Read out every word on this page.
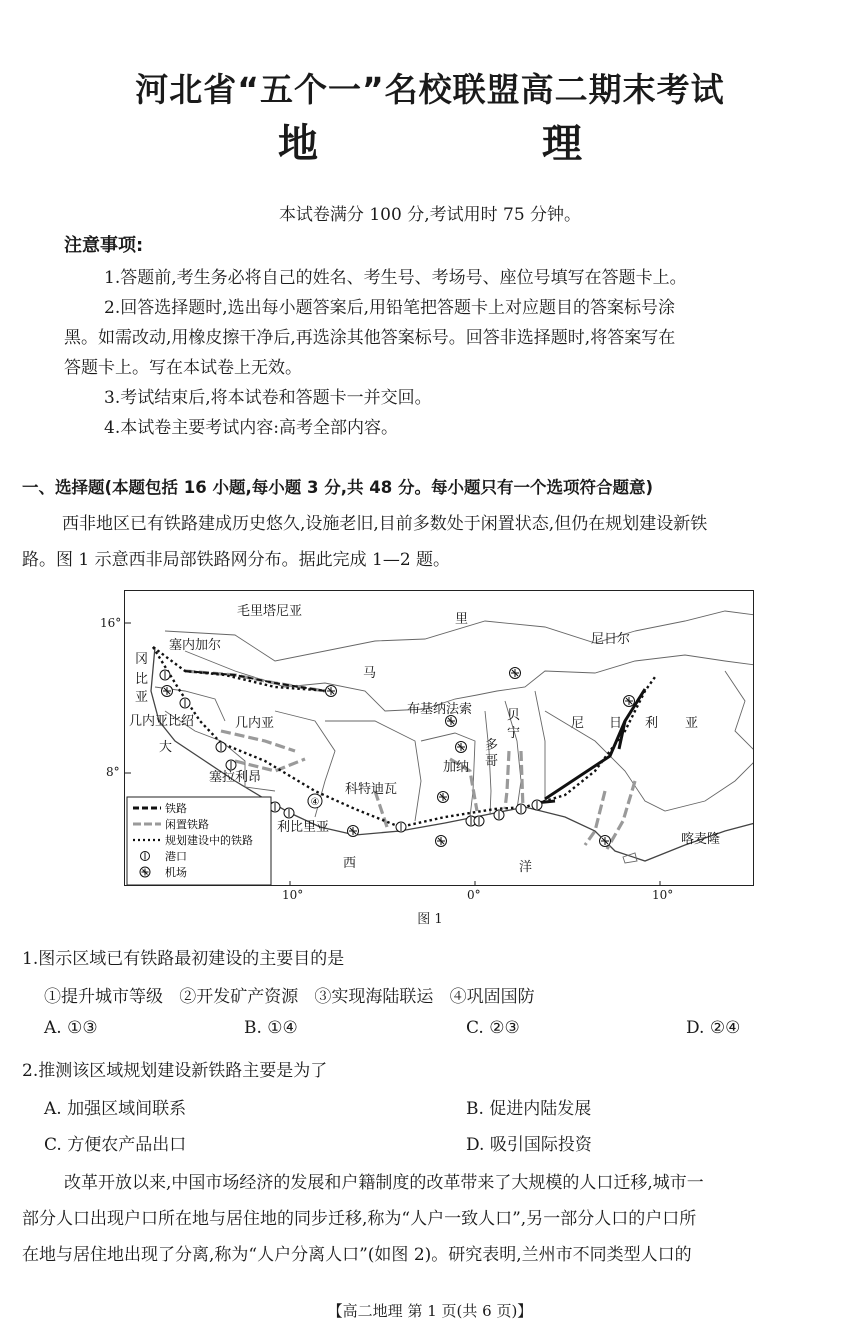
河北省“五个一”名校联盟高二期末考试
地 理
本试卷满分 100 分,考试用时 75 分钟。
注意事项:
1.答题前,考生务必将自己的姓名、考生号、考场号、座位号填写在答题卡上。
2.回答选择题时,选出每小题答案后,用铅笔把答题卡上对应题目的答案标号涂
黑。如需改动,用橡皮擦干净后,再选涂其他答案标号。回答非选择题时,将答案写在
答题卡上。写在本试卷上无效。
3.考试结束后,将本试卷和答题卡一并交回。
4.本试卷主要考试内容:高考全部内容。
一、选择题(本题包括 16 小题,每小题 3 分,共 48 分。每小题只有一个选项符合题意)
西非地区已有铁路建成历史悠久,设施老旧,目前多数处于闲置状态,但仍在规划建设新铁
路。图 1 示意西非局部铁路网分布。据此完成 1—2 题。
16°
8°
10°	0°	10°
④
毛里塔尼亚
里
尼日尔
塞内加尔
冈
比
亚
马
几内亚比绍	几内亚
布基纳法索
尼 日 利 亚
大
贝
宁
多
哥
加纳
塞拉利昂
科特迪瓦
利比里亚
喀麦隆
西	洋
铁路
闲置铁路
规划建设中的铁路
港口
机场
图 1
1.图示区域已有铁路最初建设的主要目的是
①提升城市等级   ②开发矿产资源   ③实现海陆联运   ④巩固国防
A. ①③	B. ①④	C. ②③	D. ②④
2.推测该区域规划建设新铁路主要是为了
A. 加强区域间联系	B. 促进内陆发展
C. 方便农产品出口	D. 吸引国际投资
改革开放以来,中国市场经济的发展和户籍制度的改革带来了大规模的人口迁移,城市一
部分人口出现户口所在地与居住地的同步迁移,称为“人户一致人口”,另一部分人口的户口所
在地与居住地出现了分离,称为“人户分离人口”(如图 2)。研究表明,兰州市不同类型人口的
【高二地理 第 1 页(共 6 页)】
